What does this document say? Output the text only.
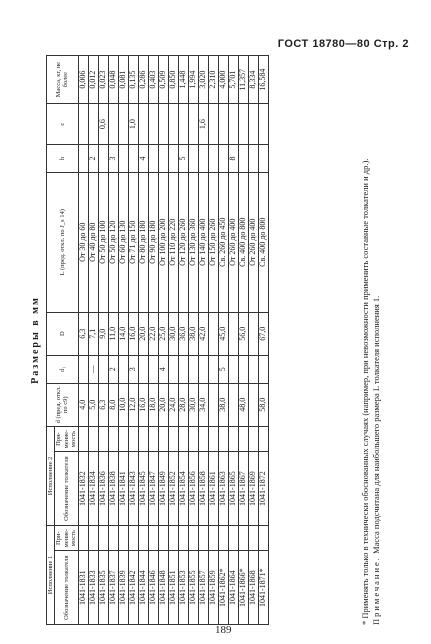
ГОСТ 18780—80 Стр. 2
Размеры в мм
Исполнение 1		Исполнение 2		d (пред. откл. по с9)	d₁	D	L (пред. откл. по J_s 14)	h	c	Масса, кг, не более
Обозначение толкателя	При- меняе- мость	Обозначение толкателя	При- меняе- мость							
1041-1831		1041-1832		4,0		6,3	От 30 до 60			0,006
1041-1833		1041-1834		5,0	—	7,1	От 40 до 80	2		0,012
1041-1835		1041-1836		6,3		9,0	От 50 до 100		0,6	0,023
1041-1837		1041-1838		8,0	2	11,0	От 50 до 120	3		0,048
1041-1839		1041-1841		10,0		14,0	От 60 до 130			0,081
1041-1842		1041-1843		12,0	3	16,0	От 71 до 150		1,0	0,135
1041-1844		1041-1845		16,0		20,0	От 80 до 180	4		0,286
1041-1846		1041-1847		18,0		22,0	От 90 до 180			0,403
1041-1848		1041-1849		20,0	4	25,0	От 100 до 200			0,509
1041-1851		1041-1852		24,0		30,0	От 110 до 220			0,850
1041-1853		1041-1854		28,0		36,0	От 120 до 260	5		1,448
1041-1855		1041-1856		30,0		38,0	От 130 до 360			1,994
1041-1857		1041-1858		34,0		42,0	От 140 до 400		1,6	3,020
1041-1859		1041-1861					От 150 до 260			2,310
1041-1862*		1041-1863		38,0	5	45,0	Св. 260 до 450			4,000
1041-1864		1041-1865					От 260 до 400	8		5,701
1041-1866*		1041-1867		48,0		56,0	Св. 400 до 800			11,357
1041-1868		1041-1869					От 260 до 400			8,334
1041-1871*		1041-1872		58,0		67,0	Св. 400 до 800			16,584

* Применять только в технически обоснованных случаях (например, при невозможности применить составные толкатели и др.). Примечание. Масса подсчитана для наибольшего размера L толкателя исполнения 1.

189
